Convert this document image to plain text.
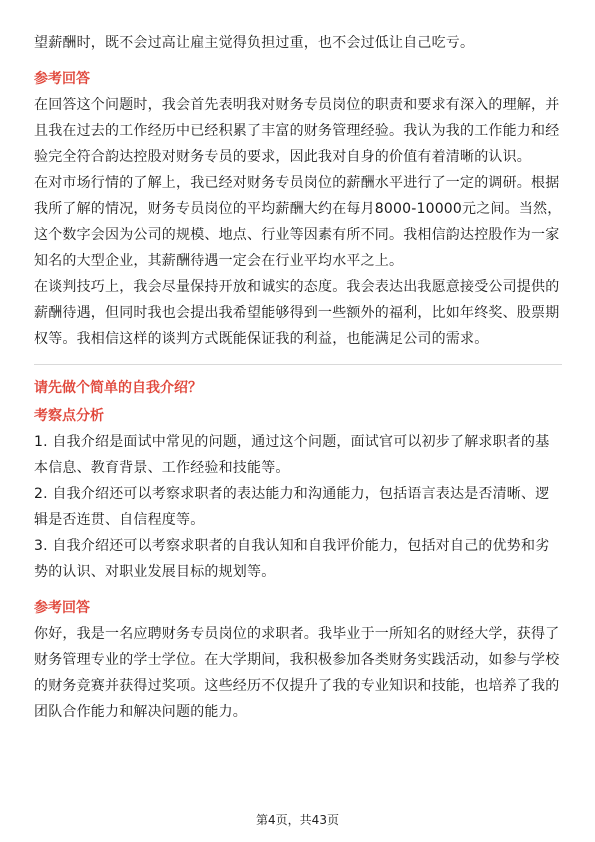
望薪酬时，既不会过高让雇主觉得负担过重，也不会过低让自己吃亏。

参考回答

在回答这个问题时，我会首先表明我对财务专员岗位的职责和要求有深入的理解，并且我在过去的工作经历中已经积累了丰富的财务管理经验。我认为我的工作能力和经验完全符合韵达控股对财务专员的要求，因此我对自身的价值有着清晰的认识。

在对市场行情的了解上，我已经对财务专员岗位的薪酬水平进行了一定的调研。根据我所了解的情况，财务专员岗位的平均薪酬大约在每月8000-10000元之间。当然，这个数字会因为公司的规模、地点、行业等因素有所不同。我相信韵达控股作为一家知名的大型企业，其薪酬待遇一定会在行业平均水平之上。

在谈判技巧上，我会尽量保持开放和诚实的态度。我会表达出我愿意接受公司提供的薪酬待遇，但同时我也会提出我希望能够得到一些额外的福利，比如年终奖、股票期权等。我相信这样的谈判方式既能保证我的利益，也能满足公司的需求。

请先做个简单的自我介绍？
考察点分析

1. 自我介绍是面试中常见的问题，通过这个问题，面试官可以初步了解求职者的基本信息、教育背景、工作经验和技能等。

2. 自我介绍还可以考察求职者的表达能力和沟通能力，包括语言表达是否清晰、逻辑是否连贯、自信程度等。

3. 自我介绍还可以考察求职者的自我认知和自我评价能力，包括对自己的优势和劣势的认识、对职业发展目标的规划等。

参考回答

你好，我是一名应聘财务专员岗位的求职者。我毕业于一所知名的财经大学，获得了财务管理专业的学士学位。在大学期间，我积极参加各类财务实践活动，如参与学校的财务竞赛并获得过奖项。这些经历不仅提升了我的专业知识和技能，也培养了我的团队合作能力和解决问题的能力。

第4页，共43页
